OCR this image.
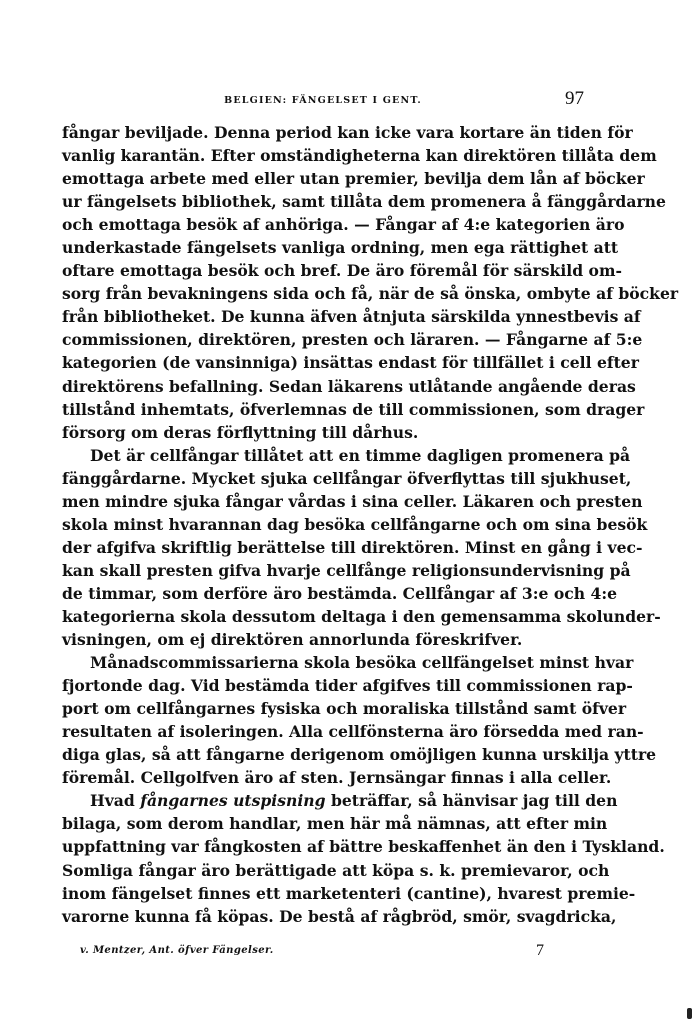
BELGIEN: FÄNGELSET I GENT.	97
fångar beviljade. Denna period kan icke vara kortare än tiden för
vanlig karantän. Efter omständigheterna kan direktören tillåta dem
emottaga arbete med eller utan premier, bevilja dem lån af böcker
ur fängelsets bibliothek, samt tillåta dem promenera å fänggårdarne
och emottaga besök af anhöriga. — Fångar af 4:e kategorien äro
underkastade fängelsets vanliga ordning, men ega rättighet att
oftare emottaga besök och bref. De äro föremål för särskild om-
sorg från bevakningens sida och få, när de så önska, ombyte af böcker
från bibliotheket. De kunna äfven åtnjuta särskilda ynnestbevis af
commissionen, direktören, presten och läraren. — Fångarne af 5:e
kategorien (de vansinniga) insättas endast för tillfället i cell efter
direktörens befallning. Sedan läkarens utlåtande angående deras
tillstånd inhemtats, öfverlemnas de till commissionen, som drager
försorg om deras förflyttning till dårhus.
Det är cellfångar tillåtet att en timme dagligen promenera på
fänggårdarne. Mycket sjuka cellfångar öfverflyttas till sjukhuset,
men mindre sjuka fångar vårdas i sina celler. Läkaren och presten
skola minst hvarannan dag besöka cellfångarne och om sina besök
der afgifva skriftlig berättelse till direktören. Minst en gång i vec-
kan skall presten gifva hvarje cellfånge religionsundervisning på
de timmar, som derföre äro bestämda. Cellfångar af 3:e och 4:e
kategorierna skola dessutom deltaga i den gemensamma skolunder-
visningen, om ej direktören annorlunda föreskrifver.
Månadscommissarierna skola besöka cellfängelset minst hvar
fjortonde dag. Vid bestämda tider afgifves till commissionen rap-
port om cellfångarnes fysiska och moraliska tillstånd samt öfver
resultaten af isoleringen. Alla cellfönsterna äro försedda med ran-
diga glas, så att fångarne derigenom omöjligen kunna urskilja yttre
föremål. Cellgolfven äro af sten. Jernsängar finnas i alla celler.
Hvad fångarnes utspisning beträffar, så hänvisar jag till den
bilaga, som derom handlar, men här må nämnas, att efter min
uppfattning var fångkosten af bättre beskaffenhet än den i Tyskland.
Somliga fångar äro berättigade att köpa s. k. premievaror, och
inom fängelset finnes ett marketenteri (cantine), hvarest premie-
varorne kunna få köpas. De bestå af rågbröd, smör, svagdricka,
v. Mentzer, Ant. öfver Fängelser.	7
